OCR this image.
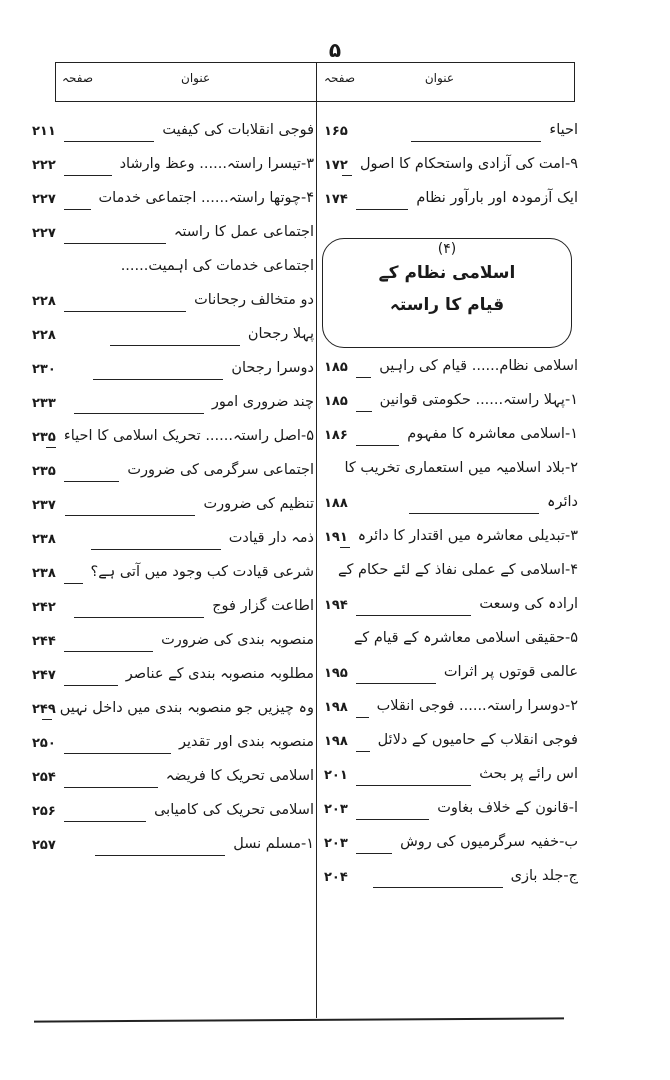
۵
عنوان
صفحہ
عنوان
صفحہ
(۴)
اسلامی نظام کے
قیام کا راستہ
احیاء
۱۶۵
۹-امت کی آزادی واستحکام کا اصول
۱۷۲
ایک آزمودہ اور بارآور نظام
۱۷۴
اسلامی نظام...... قیام کی راہیں
۱۸۵
۱-پہلا راستہ...... حکومتی قوانین
۱۸۵
۱-اسلامی معاشرہ کا مفہوم
۱۸۶
۲-بلاد اسلامیہ میں استعماری تخریب کا
دائرہ
۱۸۸
۳-تبدیلی معاشرہ میں اقتدار کا دائرہ
۱۹۱
۴-اسلامی کے عملی نفاذ کے لئے حکام کے
ارادہ کی وسعت
۱۹۴
۵-حقیقی اسلامی معاشرہ کے قیام کے
عالمی قوتوں پر اثرات
۱۹۵
۲-دوسرا راستہ...... فوجی انقلاب
۱۹۸
فوجی انقلاب کے حامیوں کے دلائل
۱۹۸
اس رائے پر بحث
۲۰۱
ا-قانون کے خلاف بغاوت
۲۰۳
ب-خفیہ سرگرمیوں کی روش
۲۰۳
ج-جلد بازی
۲۰۴
فوجی انقلابات کی کیفیت
۲۱۱
۳-تیسرا راستہ...... وعظ وارشاد
۲۲۲
۴-چوتھا راستہ...... اجتماعی خدمات
۲۲۷
اجتماعی عمل کا راستہ
۲۲۷
اجتماعی خدمات کی اہمیت......
دو متخالف رجحانات
۲۲۸
پہلا رجحان
۲۲۸
دوسرا رجحان
۲۳۰
چند ضروری امور
۲۳۳
۵-اصل راستہ...... تحریک اسلامی کا احیاء
۲۳۵
اجتماعی سرگرمی کی ضرورت
۲۳۵
تنظیم کی ضرورت
۲۳۷
ذمہ دار قیادت
۲۳۸
شرعی قیادت کب وجود میں آتی ہے؟
۲۳۸
اطاعت گزار فوج
۲۴۲
منصوبہ بندی کی ضرورت
۲۴۴
مطلوبہ منصوبہ بندی کے عناصر
۲۴۷
وہ چیزیں جو منصوبہ بندی میں داخل نہیں
۲۴۹
منصوبہ بندی اور تقدیر
۲۵۰
اسلامی تحریک کا فریضہ
۲۵۴
اسلامی تحریک کی کامیابی
۲۵۶
۱-مسلم نسل
۲۵۷
